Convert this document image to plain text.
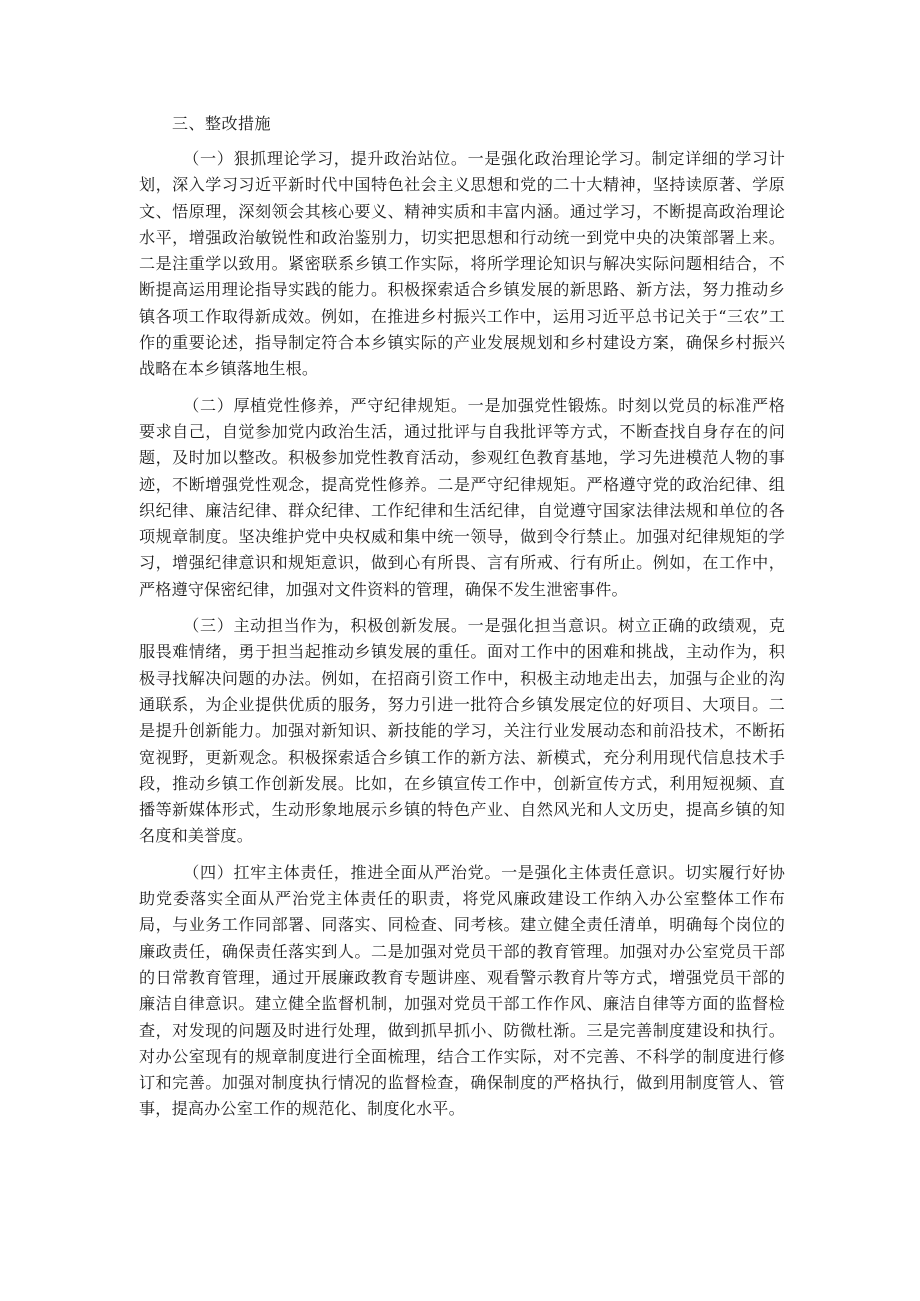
三、整改措施

（一）狠抓理论学习，提升政治站位。一是强化政治理论学习。制定详细的学习计划，深入学习习近平新时代中国特色社会主义思想和党的二十大精神，坚持读原著、学原文、悟原理，深刻领会其核心要义、精神实质和丰富内涵。通过学习，不断提高政治理论水平，增强政治敏锐性和政治鉴别力，切实把思想和行动统一到党中央的决策部署上来。二是注重学以致用。紧密联系乡镇工作实际，将所学理论知识与解决实际问题相结合，不断提高运用理论指导实践的能力。积极探索适合乡镇发展的新思路、新方法，努力推动乡镇各项工作取得新成效。例如，在推进乡村振兴工作中，运用习近平总书记关于“三农”工作的重要论述，指导制定符合本乡镇实际的产业发展规划和乡村建设方案，确保乡村振兴战略在本乡镇落地生根。

（二）厚植党性修养，严守纪律规矩。一是加强党性锻炼。时刻以党员的标准严格要求自己，自觉参加党内政治生活，通过批评与自我批评等方式，不断查找自身存在的问题，及时加以整改。积极参加党性教育活动，参观红色教育基地，学习先进模范人物的事迹，不断增强党性观念，提高党性修养。二是严守纪律规矩。严格遵守党的政治纪律、组织纪律、廉洁纪律、群众纪律、工作纪律和生活纪律，自觉遵守国家法律法规和单位的各项规章制度。坚决维护党中央权威和集中统一领导，做到令行禁止。加强对纪律规矩的学习，增强纪律意识和规矩意识，做到心有所畏、言有所戒、行有所止。例如，在工作中，严格遵守保密纪律，加强对文件资料的管理，确保不发生泄密事件。

（三）主动担当作为，积极创新发展。一是强化担当意识。树立正确的政绩观，克服畏难情绪，勇于担当起推动乡镇发展的重任。面对工作中的困难和挑战，主动作为，积极寻找解决问题的办法。例如，在招商引资工作中，积极主动地走出去，加强与企业的沟通联系，为企业提供优质的服务，努力引进一批符合乡镇发展定位的好项目、大项目。二是提升创新能力。加强对新知识、新技能的学习，关注行业发展动态和前沿技术，不断拓宽视野，更新观念。积极探索适合乡镇工作的新方法、新模式，充分利用现代信息技术手段，推动乡镇工作创新发展。比如，在乡镇宣传工作中，创新宣传方式，利用短视频、直播等新媒体形式，生动形象地展示乡镇的特色产业、自然风光和人文历史，提高乡镇的知名度和美誉度。

（四）扛牢主体责任，推进全面从严治党。一是强化主体责任意识。切实履行好协助党委落实全面从严治党主体责任的职责，将党风廉政建设工作纳入办公室整体工作布局，与业务工作同部署、同落实、同检查、同考核。建立健全责任清单，明确每个岗位的廉政责任，确保责任落实到人。二是加强对党员干部的教育管理。加强对办公室党员干部的日常教育管理，通过开展廉政教育专题讲座、观看警示教育片等方式，增强党员干部的廉洁自律意识。建立健全监督机制，加强对党员干部工作作风、廉洁自律等方面的监督检查，对发现的问题及时进行处理，做到抓早抓小、防微杜渐。三是完善制度建设和执行。对办公室现有的规章制度进行全面梳理，结合工作实际，对不完善、不科学的制度进行修订和完善。加强对制度执行情况的监督检查，确保制度的严格执行，做到用制度管人、管事，提高办公室工作的规范化、制度化水平。
